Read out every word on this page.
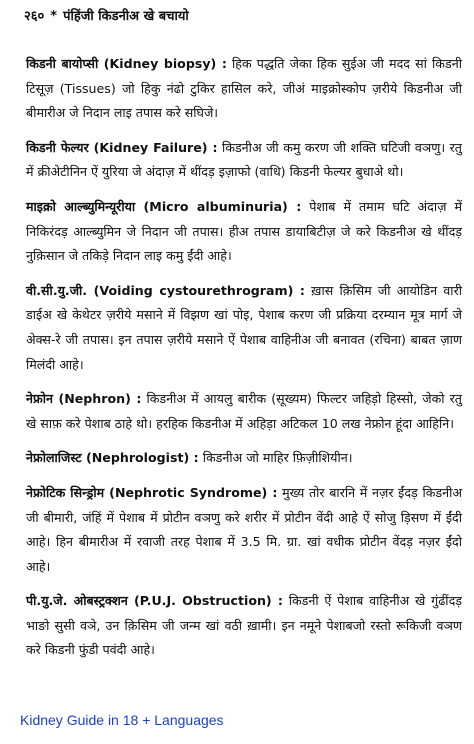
२६० * पंहिंजी किडनीअ खे बचायो

किडनी बायोप्सी (Kidney biopsy) : हिक पद्धति जेका हिक सुईअ जी मदद सां किडनी टिसूज़ (Tissues) जो हिकु नंढो टुकिर हासिल करे, जीअं माइक्रोस्कोप ज़रीये किडनीअ जी बीमारीअ जे निदान लाइ तपास करे सघिजे।

किडनी फेल्यर (Kidney Failure) : किडनीअ जी कमु करण जी शक्ति घटिजी वञणु। रतु में क्रीअेटीनिन ऐं युरिया जे अंदाज़ में थींदड़ इज़ाफो (वाधि) किडनी फेल्यर बुधाअे थो।

माइक्रो आल्ब्युमिन्यूरीया (Micro albuminuria) : पेशाब में तमाम घटि अंदाज़ में निकिरंदड़ आल्ब्युमिन जे निदान जी तपास। हीअ तपास डायाबिटीज़ जे करे किडनीअ खे थींदड़ नुक़िसान जे तकिड़े निदान लाइ कमु ईंदी आहे।

वी.सी.यु.जी. (Voiding cystourethrogram) : ख़ास क़िसिम जी आयोडिन वारी डाईअ खे केथेटर ज़रीये मसाने में विझण खां पोइ, पेशाब करण जी प्रक्रिया दरम्यान मूत्र मार्ग जे अेक्स-रे जी तपास। इन तपास ज़रीये मसाने ऐं पेशाब वाहिनीअ जी बनावत (रचिना) बाबत ज़ाण मिलंदी आहे।

नेफ्रोन (Nephron) : किडनीअ में आयलु बारीक (सूख्यम) फिल्टर जहिड़ो हिस्सो, जेको रतु खे साफ़ करे पेशाब ठाहे थो। हरहिक किडनीअ में अहिड़ा अटिकल 10 लख नेफ्रोन हूंदा आहिनि।

नेफ्रोलाजिस्ट (Nephrologist) : किडनीअ जो माहिर फ़िज़ीशियीन।

नेफ्रोटिक सिन्ड्रोम (Nephrotic Syndrome) : मुख्य तोर बारनि में नज़र ईंदड़ किडनीअ जी बीमारी, जंहिं में पेशाब में प्रोटीन वञणु करे शरीर में प्रोटीन वेंदी आहे ऐं सोजु ड़िसण में ईंदी आहे। हिन बीमारीअ में रवाजी तरह पेशाब में 3.5 मि. ग्रा. खां वधीक प्रोटीन वेंदड़ नज़र ईंदो आहे।

पी.यु.जे. ओबस्ट्रक्शन (P.U.J. Obstruction) : किडनी ऐं पेशाब वाहिनीअ खे गुंढींदड़ भाङो सुसी वञे, उन क़िसिम जी जन्म खां वठी ख़ामी। इन नमूने पेशाबजो रस्तो रूकिजी वञण करे किडनी फुंडी पवंदी आहे।

Kidney Guide in 18 + Languages
